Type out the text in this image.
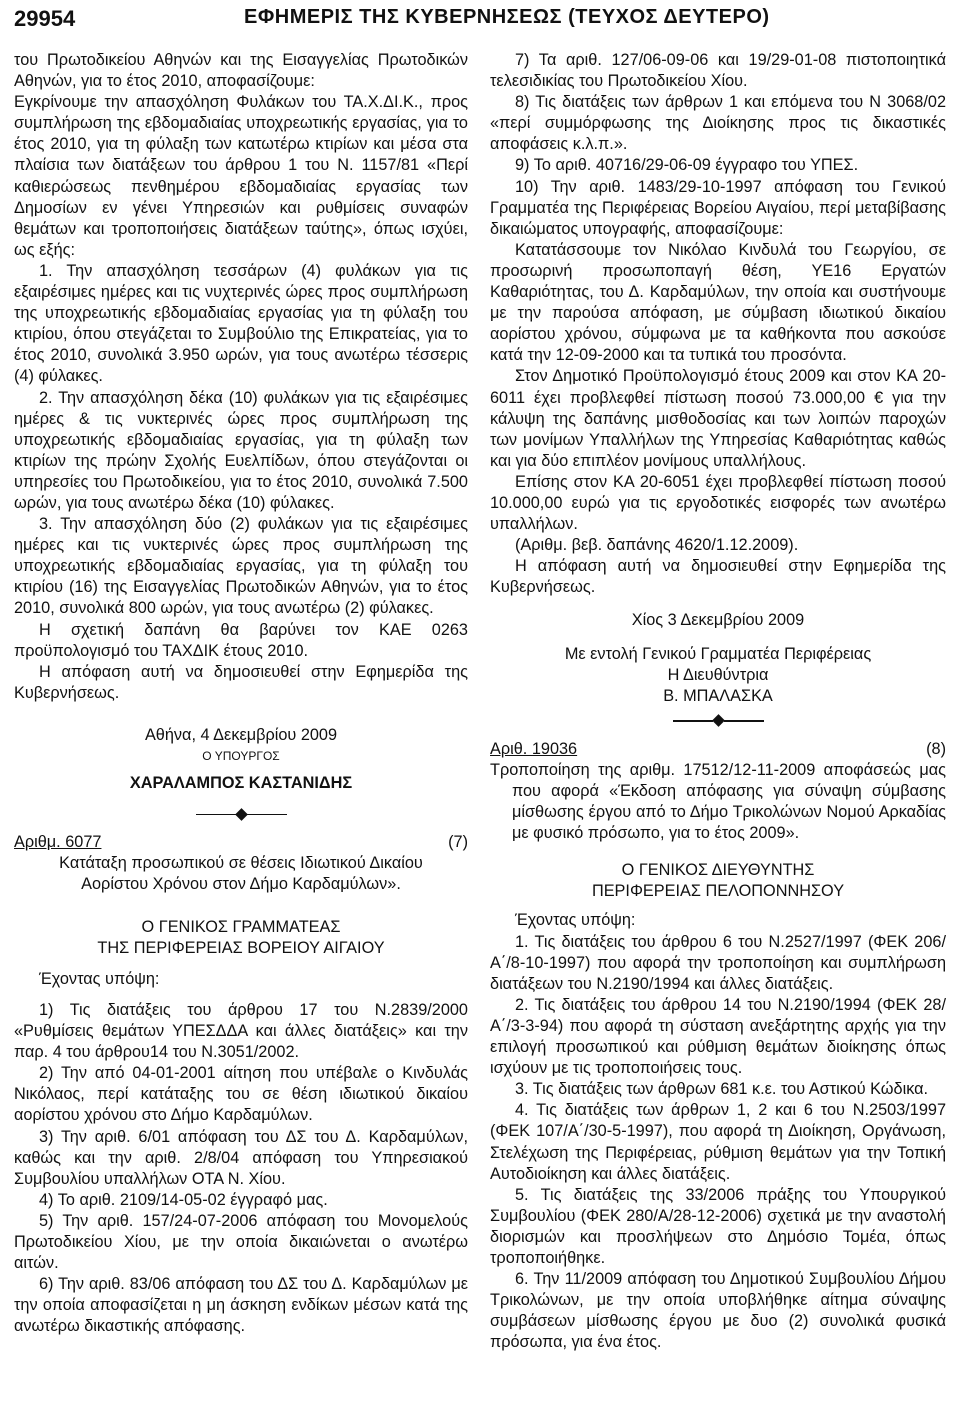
29954	ΕΦΗΜΕΡΙΣ ΤΗΣ ΚΥΒΕΡΝΗΣΕΩΣ (ΤΕΥΧΟΣ ΔΕΥΤΕΡΟ)

του Πρωτοδικείου Αθηνών και της Εισαγγελίας Πρωτοδικών Αθηνών, για το έτος 2010, αποφασίζουμε:

Εγκρίνουμε την απασχόληση Φυλάκων του ΤΑ.Χ.ΔΙ.Κ., προς συμπλήρωση της εβδομαδιαίας υποχρεωτικής εργασίας, για το έτος 2010, για τη φύλαξη των κατωτέρω κτιρίων και μέσα στα πλαίσια των διατάξεων του άρθρου 1 του Ν. 1157/81 «Περί καθιερώσεως πενθημέρου εβδομαδιαίας εργασίας των Δημοσίων εν γένει Υπηρεσιών και ρυθμίσεις συναφών θεμάτων και τροποποιήσεις διατάξεων ταύτης», όπως ισχύει, ως εξής:

1. Την απασχόληση τεσσάρων (4) φυλάκων για τις εξαιρέσιμες ημέρες και τις νυχτερινές ώρες προς συμπλήρωση της υποχρεωτικής εβδομαδιαίας εργασίας για τη φύλαξη του κτιρίου, όπου στεγάζεται το Συμβούλιο της Επικρατείας, για το έτος 2010, συνολικά 3.950 ωρών, για τους ανωτέρω τέσσερις (4) φύλακες.

2. Την απασχόληση δέκα (10) φυλάκων για τις εξαιρέσιμες ημέρες & τις νυκτερινές ώρες προς συμπλήρωση της υποχρεωτικής εβδομαδιαίας εργασίας, για τη φύλαξη των κτιρίων της πρώην Σχολής Ευελπίδων, όπου στεγάζονται οι υπηρεσίες του Πρωτοδικείου, για το έτος 2010, συνολικά 7.500 ωρών, για τους ανωτέρω δέκα (10) φύλακες.

3. Την απασχόληση δύο (2) φυλάκων για τις εξαιρέσιμες ημέρες και τις νυκτερινές ώρες προς συμπλήρωση της υποχρεωτικής εβδομαδιαίας εργασίας, για τη φύλαξη του κτιρίου (16) της Εισαγγελίας Πρωτοδικών Αθηνών, για το έτος 2010, συνολικά 800 ωρών, για τους ανωτέρω (2) φύλακες.

Η σχετική δαπάνη θα βαρύνει τον ΚΑΕ 0263 προϋπολογισμό του ΤΑΧΔΙΚ έτους 2010.

Η απόφαση αυτή να δημοσιευθεί στην Εφημερίδα της Κυβερνήσεως.

Αθήνα, 4 Δεκεμβρίου 2009

Ο ΥΠΟΥΡΓΟΣ

ΧΑΡΑΛΑΜΠΟΣ ΚΑΣΤΑΝΙΔΗΣ

Αριθμ. 6077	(7)

Κατάταξη προσωπικού σε θέσεις Ιδιωτικού Δικαίου Αορίστου Χρόνου στον Δήμο Καρδαμύλων».

Ο ΓΕΝΙΚΟΣ ΓΡΑΜΜΑΤΕΑΣ

ΤΗΣ ΠΕΡΙΦΕΡΕΙΑΣ ΒΟΡΕΙΟΥ ΑΙΓΑΙΟΥ

Έχοντας υπόψη:

1) Τις διατάξεις του άρθρου 17 του Ν.2839/2000 «Ρυθμίσεις θεμάτων ΥΠΕΣΔΔΑ και άλλες διατάξεις» και την παρ. 4 του άρθρου14 του Ν.3051/2002.

2) Την από 04-01-2001 αίτηση που υπέβαλε ο Κινδυλάς Νικόλαος, περί κατάταξης του σε θέση ιδιωτικού δικαίου αορίστου χρόνου στο Δήμο Καρδαμύλων.

3) Την αριθ. 6/01 απόφαση του ΔΣ του Δ. Καρδαμύλων, καθώς και την αριθ. 2/8/04 απόφαση του Υπηρεσιακού Συμβουλίου υπαλλήλων ΟΤΑ Ν. Χίου.

4) Το αριθ. 2109/14-05-02 έγγραφό μας.

5) Την αριθ. 157/24-07-2006 απόφαση του Μονομελούς Πρωτοδικείου Χίου, με την οποία δικαιώνεται ο ανωτέρω αιτών.

6) Την αριθ. 83/06 απόφαση του ΔΣ του Δ. Καρδαμύλων με την οποία αποφασίζεται η μη άσκηση ενδίκων μέσων κατά της ανωτέρω δικαστικής απόφασης.

7) Τα αριθ. 127/06-09-06 και 19/29-01-08 πιστοποιητικά τελεσιδικίας του Πρωτοδικείου Χίου.

8) Τις διατάξεις των άρθρων 1 και επόμενα του Ν 3068/02 «περί συμμόρφωσης της Διοίκησης προς τις δικαστικές αποφάσεις κ.λ.π.».

9) Το αριθ. 40716/29-06-09 έγγραφο του ΥΠΕΣ.

10) Την αριθ. 1483/29-10-1997 απόφαση του Γενικού Γραμματέα της Περιφέρειας Βορείου Αιγαίου, περί μεταβίβασης δικαιώματος υπογραφής, αποφασίζουμε:

Κατατάσσουμε τον Νικόλαο Κινδυλά του Γεωργίου, σε προσωρινή προσωποπαγή θέση, ΥΕ16 Εργατών Καθαριότητας, του Δ. Καρδαμύλων, την οποία και συστήνουμε με την παρούσα απόφαση, με σύμβαση ιδιωτικού δικαίου αορίστου χρόνου, σύμφωνα με τα καθήκοντα που ασκούσε κατά την 12-09-2000 και τα τυπικά του προσόντα.

Στον Δημοτικό Προϋπολογισμό έτους 2009 και στον ΚΑ 20-6011 έχει προβλεφθεί πίστωση ποσού 73.000,00 € για την κάλυψη της δαπάνης μισθοδοσίας και των λοιπών παροχών των μονίμων Υπαλλήλων της Υπηρεσίας Καθαριότητας καθώς και για δύο επιπλέον μονίμους υπαλλήλους.

Επίσης στον ΚΑ 20-6051 έχει προβλεφθεί πίστωση ποσού 10.000,00 ευρώ για τις εργοδοτικές εισφορές των ανωτέρω υπαλλήλων.

(Αριθμ. βεβ. δαπάνης 4620/1.12.2009).

Η απόφαση αυτή να δημοσιευθεί στην Εφημερίδα της Κυβερνήσεως.

Χίος 3 Δεκεμβρίου 2009

Με εντολή Γενικού Γραμματέα Περιφέρειας

Η Διευθύντρια

Β. ΜΠΑΛΑΣΚΑ

Αριθ. 19036	(8)

Τροποποίηση της αριθμ. 17512/12-11-2009 αποφάσεώς μας που αφορά «Έκδοση απόφασης για σύναψη σύμβασης μίσθωσης έργου από το Δήμο Τρικολώνων Νομού Αρκαδίας με φυσικό πρόσωπο, για το έτος 2009».

Ο ΓΕΝΙΚΟΣ ΔΙΕΥΘΥΝΤΗΣ

ΠΕΡΙΦΕΡΕΙΑΣ ΠΕΛΟΠΟΝΝΗΣΟΥ

Έχοντας υπόψη:

1. Τις διατάξεις του άρθρου 6 του Ν.2527/1997 (ΦΕΚ 206/Α΄/8-10-1997) που αφορά την τροποποίηση και συμπλήρωση διατάξεων του Ν.2190/1994 και άλλες διατάξεις.

2. Τις διατάξεις του άρθρου 14 του Ν.2190/1994 (ΦΕΚ 28/Α΄/3-3-94) που αφορά τη σύσταση ανεξάρτητης αρχής για την επιλογή προσωπικού και ρύθμιση θεμάτων διοίκησης όπως ισχύουν με τις τροποποιήσεις τους.

3. Τις διατάξεις των άρθρων 681 κ.ε. του Αστικού Κώδικα.

4. Τις διατάξεις των άρθρων 1, 2 και 6 του Ν.2503/1997 (ΦΕΚ 107/Α΄/30-5-1997), που αφορά τη Διοίκηση, Οργάνωση, Στελέχωση της Περιφέρειας, ρύθμιση θεμάτων για την Τοπική Αυτοδιοίκηση και άλλες διατάξεις.

5. Τις διατάξεις της 33/2006 πράξης του Υπουργικού Συμβουλίου (ΦΕΚ 280/Α/28-12-2006) σχετικά με την αναστολή διορισμών και προσλήψεων στο Δημόσιο Τομέα, όπως τροποποιήθηκε.

6. Την 11/2009 απόφαση του Δημοτικού Συμβουλίου Δήμου Τρικολώνων, με την οποία υποβλήθηκε αίτημα σύναψης συμβάσεων μίσθωσης έργου με δυο (2) συνολικά φυσικά πρόσωπα, για ένα έτος.
